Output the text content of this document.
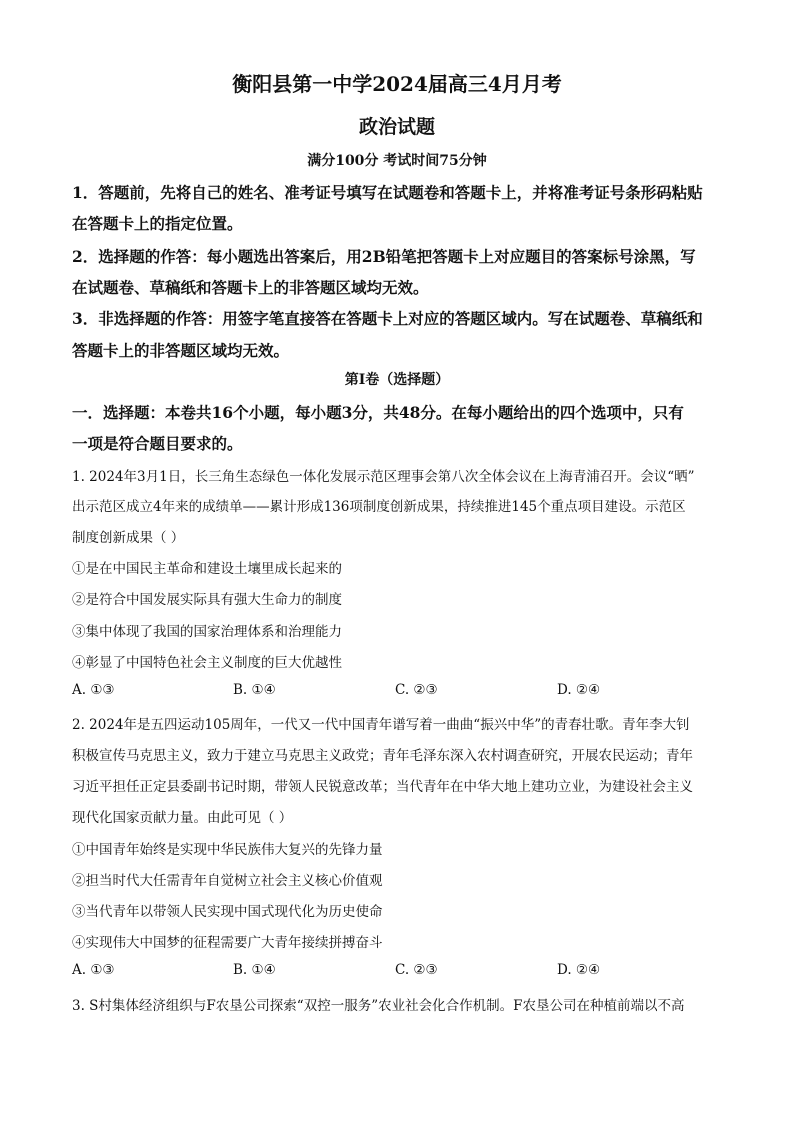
衡阳县第一中学2024届高三4月月考
政治试题
满分100分 考试时间75分钟
1．答题前，先将自己的姓名、准考证号填写在试题卷和答题卡上，并将准考证号条形码粘贴
在答题卡上的指定位置。
2．选择题的作答：每小题选出答案后，用2B铅笔把答题卡上对应题目的答案标号涂黑，写
在试题卷、草稿纸和答题卡上的非答题区域均无效。
3．非选择题的作答：用签字笔直接答在答题卡上对应的答题区域内。写在试题卷、草稿纸和
答题卡上的非答题区域均无效。
第Ⅰ卷（选择题）
一．选择题：本卷共16个小题，每小题3分，共48分。在每小题给出的四个选项中，只有
一项是符合题目要求的。
1. 2024年3月1日，长三角生态绿色一体化发展示范区理事会第八次全体会议在上海青浦召开。会议“晒”
出示范区成立4年来的成绩单——累计形成136项制度创新成果，持续推进145个重点项目建设。示范区
制度创新成果（ ）
①是在中国民主革命和建设土壤里成长起来的
②是符合中国发展实际具有强大生命力的制度
③集中体现了我国的国家治理体系和治理能力
④彰显了中国特色社会主义制度的巨大优越性
A. ①③	B. ①④	C. ②③	D. ②④
2. 2024年是五四运动105周年，一代又一代中国青年谱写着一曲曲“振兴中华”的青春壮歌。青年李大钊
积极宣传马克思主义，致力于建立马克思主义政党；青年毛泽东深入农村调查研究，开展农民运动；青年
习近平担任正定县委副书记时期，带领人民锐意改革；当代青年在中华大地上建功立业，为建设社会主义
现代化国家贡献力量。由此可见（ ）
①中国青年始终是实现中华民族伟大复兴的先锋力量
②担当时代大任需青年自觉树立社会主义核心价值观
③当代青年以带领人民实现中国式现代化为历史使命
④实现伟大中国梦的征程需要广大青年接续拼搏奋斗
A. ①③	B. ①④	C. ②③	D. ②④
3. S村集体经济组织与F农垦公司探索“双控一服务”农业社会化合作机制。F农垦公司在种植前端以不高
